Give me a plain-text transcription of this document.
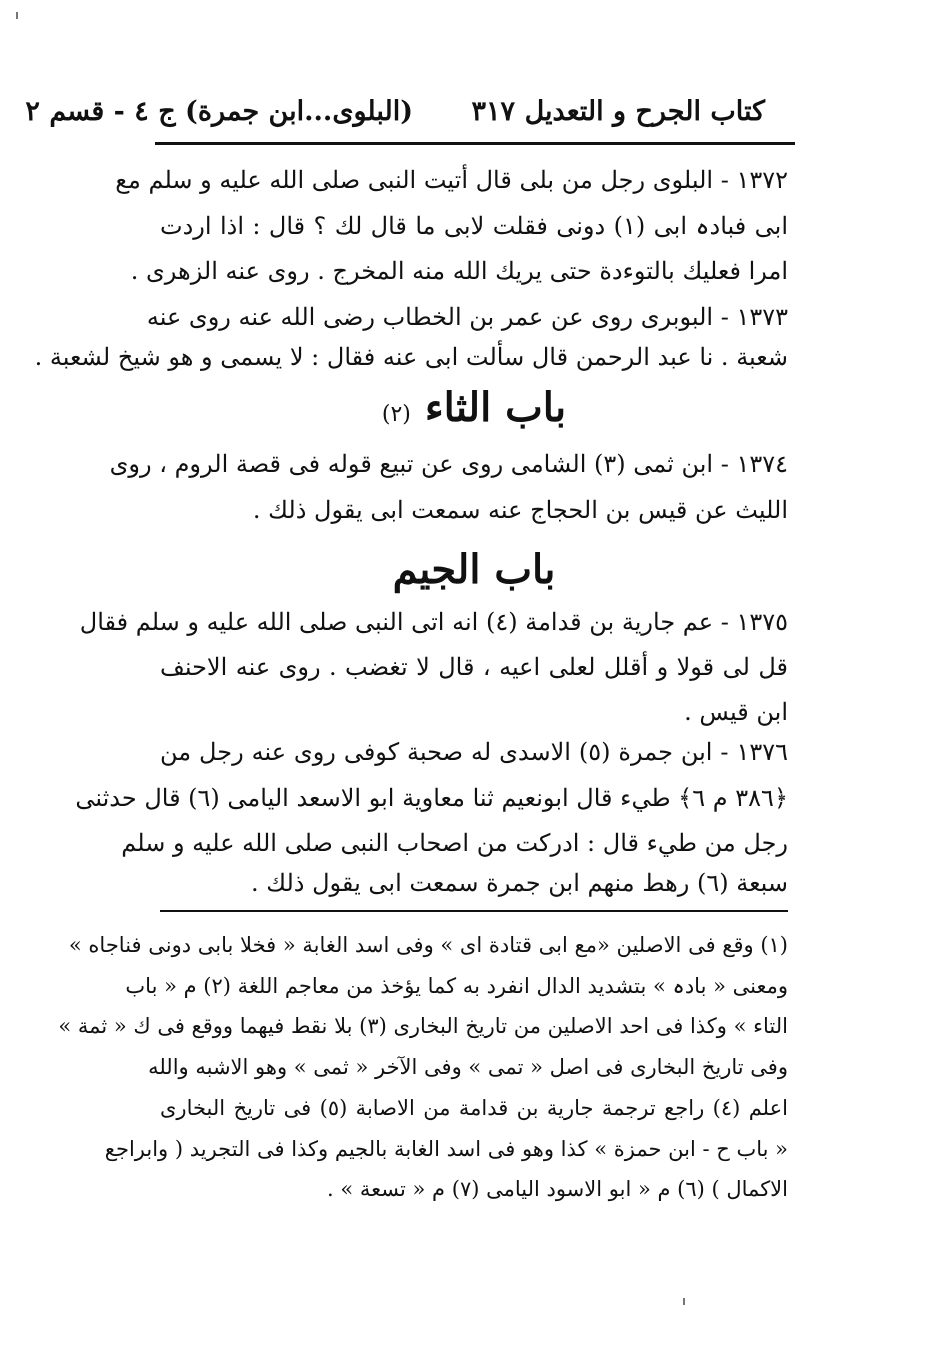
كتاب الجرح و التعديل
٣١٧
(البلوى...ابن جمرة) ج ٤ - قسم ٢
١٣٧٢ - البلوى رجل من بلى قال أتيت النبى صلى الله عليه و سلم مع
ابى فبادہ ابى (١) دونى فقلت لابى ما قال لك ؟ قال : اذا اردت
امرا فعليك بالتوءدة حتى يريك الله منه المخرج . روى عنه الزهرى .
١٣٧٣ - البوبرى روى عن عمر بن الخطاب رضى الله عنه روى عنه
شعبة . نا عبد الرحمن قال سألت ابى عنه فقال : لا يسمى و هو شيخ لشعبة .
باب الثاء (٢)
١٣٧٤ - ابن ثمى (٣) الشامى روى عن تبيع قوله فى قصة الروم ، روى
الليث عن قيس بن الحجاج عنه سمعت ابى يقول ذلك .
باب الجيم
١٣٧٥ - عم جارية بن قدامة (٤) انه اتى النبى صلى الله عليه و سلم فقال
قل لى قولا و أقلل لعلى اعيه ، قال لا تغضب . روى عنه الاحنف
ابن قيس .
١٣٧٦ - ابن جمرة (٥) الاسدى له صحبة كوفى روى عنه رجل من
﴿٣٨٦ م ٦﴾ طيء قال ابونعيم ثنا معاوية ابو الاسعد اليامى (٦) قال حدثنى
رجل من طيء قال : ادركت من اصحاب النبى صلى الله عليه و سلم
سبعة (٦) رهط منهم ابن جمرة سمعت ابى يقول ذلك .
(١) وقع فى الاصلين «مع ابى قتادة اى » وفى اسد الغابة « فخلا بابى دونى فناجاه »
ومعنى « بادہ » بتشديد الدال انفرد به كما يؤخذ من معاجم اللغة (٢) م « باب
التاء » وكذا فى احد الاصلين من تاريخ البخارى (٣) بلا نقط فيهما ووقع فى ك « ثمة »
وفى تاريخ البخارى فى اصل « تمى » وفى الآخر « ثمى » وهو الاشبه والله
اعلم (٤) راجع ترجمة جارية بن قدامة من الاصابة (٥) فى تاريخ البخارى
« باب ح - ابن حمزة » كذا وهو فى اسد الغابة بالجيم وكذا فى التجريد ( وابراجع
الاكمال ) (٦) م « ابو الاسود اليامى (٧) م « تسعة » .
